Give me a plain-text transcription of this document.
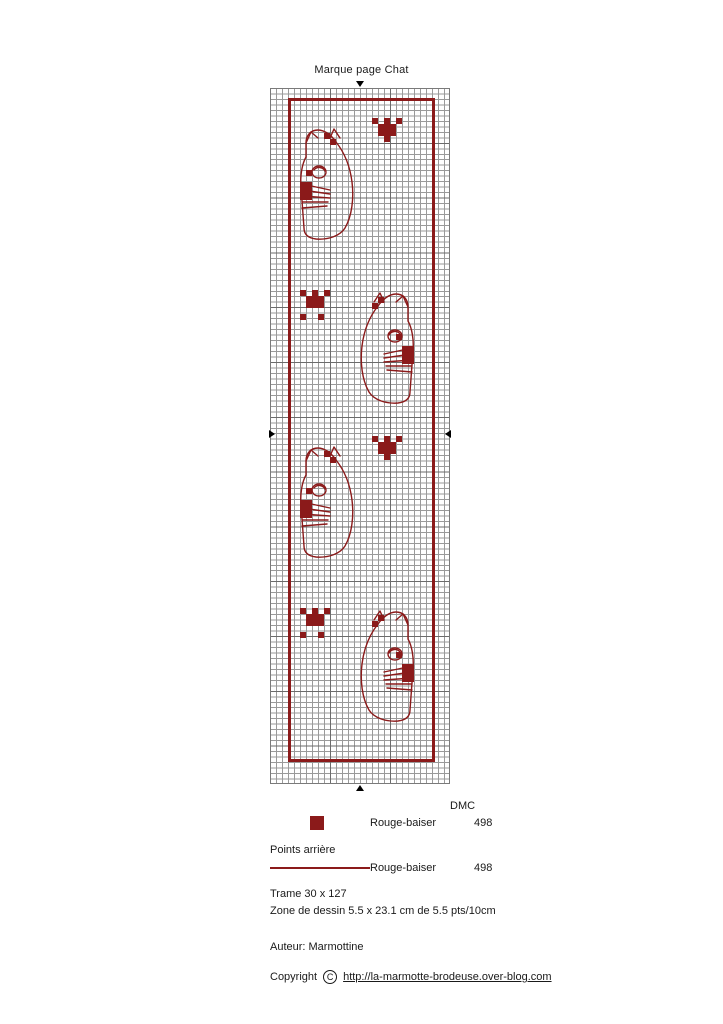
Marque page Chat
DMC
Rouge-baiser	498
Points arrière
Rouge-baiser	498
Trame 30 x 127
Zone de dessin 5.5 x 23.1 cm de 5.5 pts/10cm
Auteur: Marmottine
Copyright	C http://la-marmotte-brodeuse.over-blog.com
